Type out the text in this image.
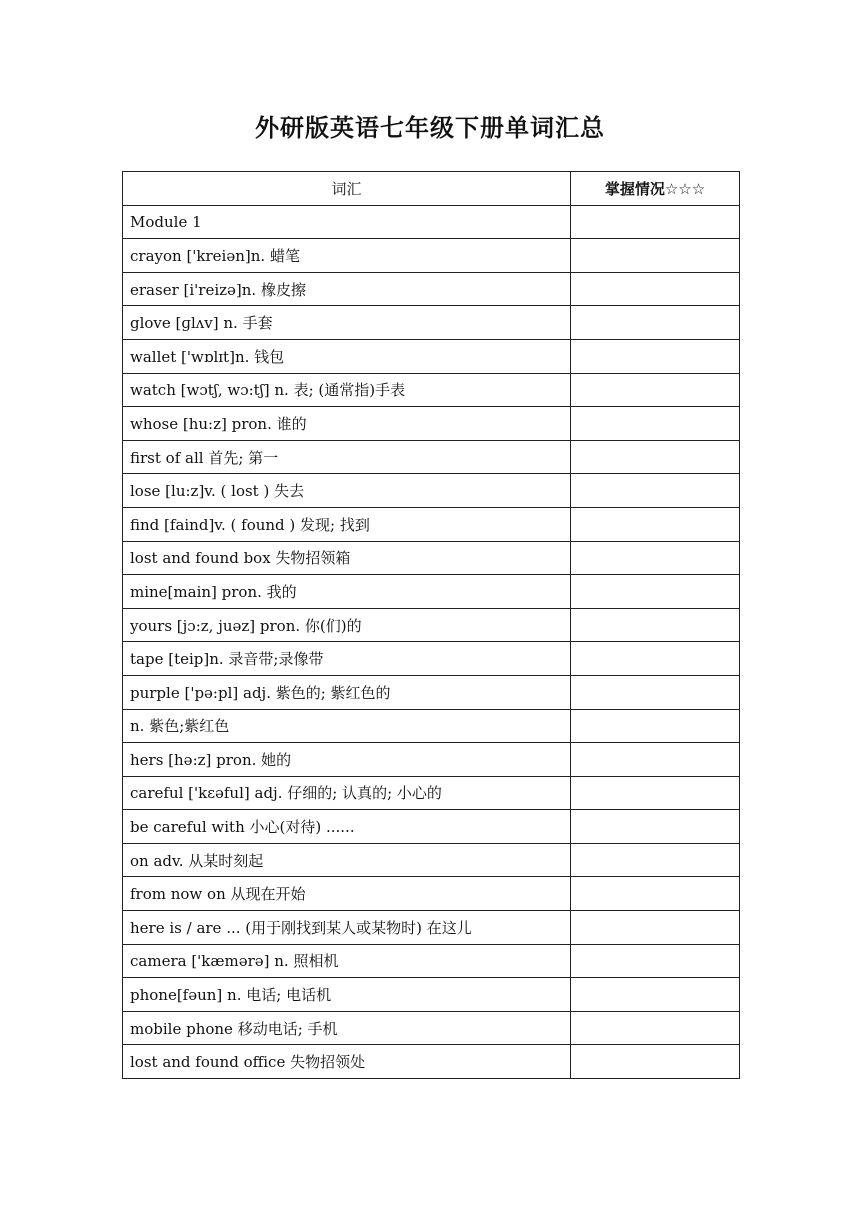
外研版英语七年级下册单词汇总
词汇	掌握情况☆☆☆
Module 1	
crayon ['kreiən]n. 蜡笔	
eraser [i'reizə]n. 橡皮擦	
glove [ɡlʌv] n. 手套	
wallet ['wɒlɪt]n. 钱包	
watch [wɔtʃ, wɔ:tʃ] n. 表; (通常指)手表	
whose [hu:z] pron. 谁的	
first of all 首先; 第一	
lose [lu:z]v. ( lost ) 失去	
find [faind]v. ( found ) 发现; 找到	
lost and found box 失物招领箱	
mine[main] pron. 我的	
yours [jɔ:z, juəz] pron. 你(们)的	
tape [teip]n. 录音带;录像带	
purple ['pə:pl] adj. 紫色的; 紫红色的	
n. 紫色;紫红色	
hers [hə:z] pron. 她的	
careful ['kɛəful] adj. 仔细的; 认真的; 小心的	
be careful with 小心(对待) ......	
on adv. 从某时刻起	
from now on 从现在开始	
here is / are ... (用于刚找到某人或某物时) 在这儿	
camera ['kæmərə] n. 照相机	
phone[fəun] n. 电话; 电话机	
mobile phone 移动电话; 手机	
lost and found office 失物招领处	
